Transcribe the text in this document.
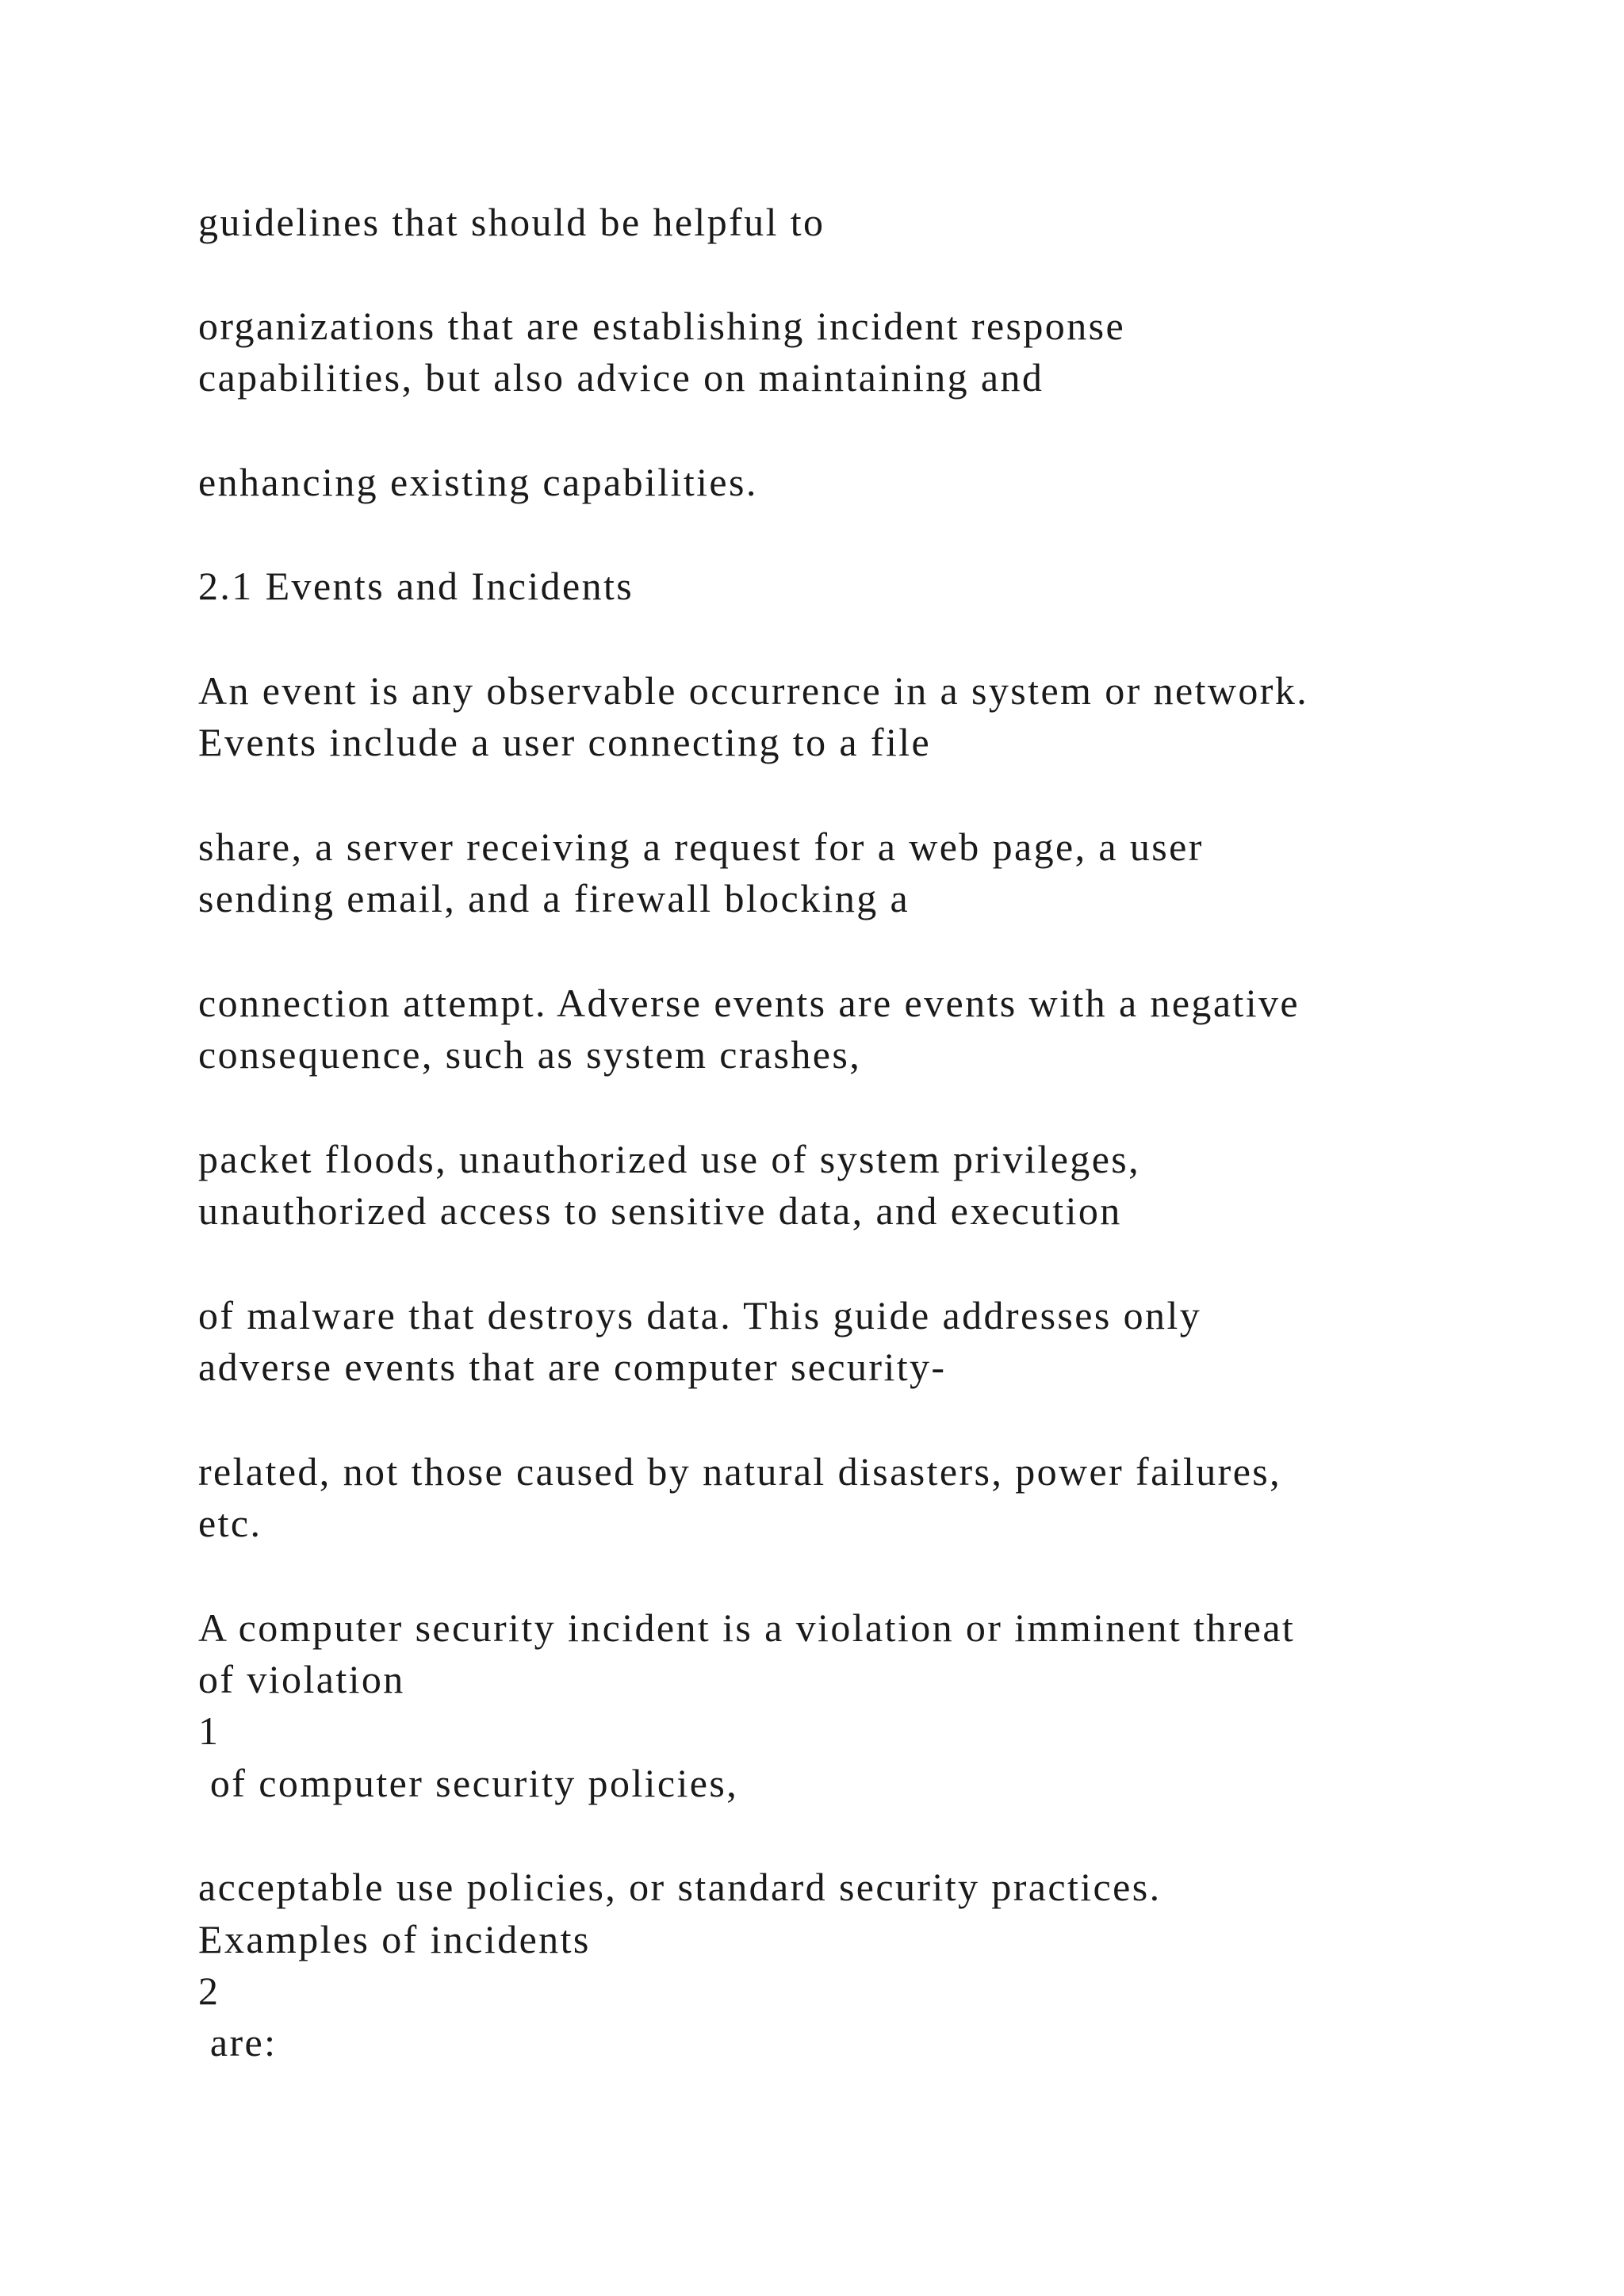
guidelines that should be helpful to

organizations that are establishing incident response

capabilities, but also advice on maintaining and

enhancing existing capabilities.

2.1 Events and Incidents

An event is any observable occurrence in a system or network.

Events include a user connecting to a file

share, a server receiving a request for a web page, a user

sending email, and a firewall blocking a

connection attempt. Adverse events are events with a negative

consequence, such as system crashes,

packet floods, unauthorized use of system privileges,

unauthorized access to sensitive data, and execution

of malware that destroys data. This guide addresses only

adverse events that are computer security-

related, not those caused by natural disasters, power failures,

etc.

A computer security incident is a violation or imminent threat

of violation

1

of computer security policies,

acceptable use policies, or standard security practices.

Examples of incidents

2

are:
